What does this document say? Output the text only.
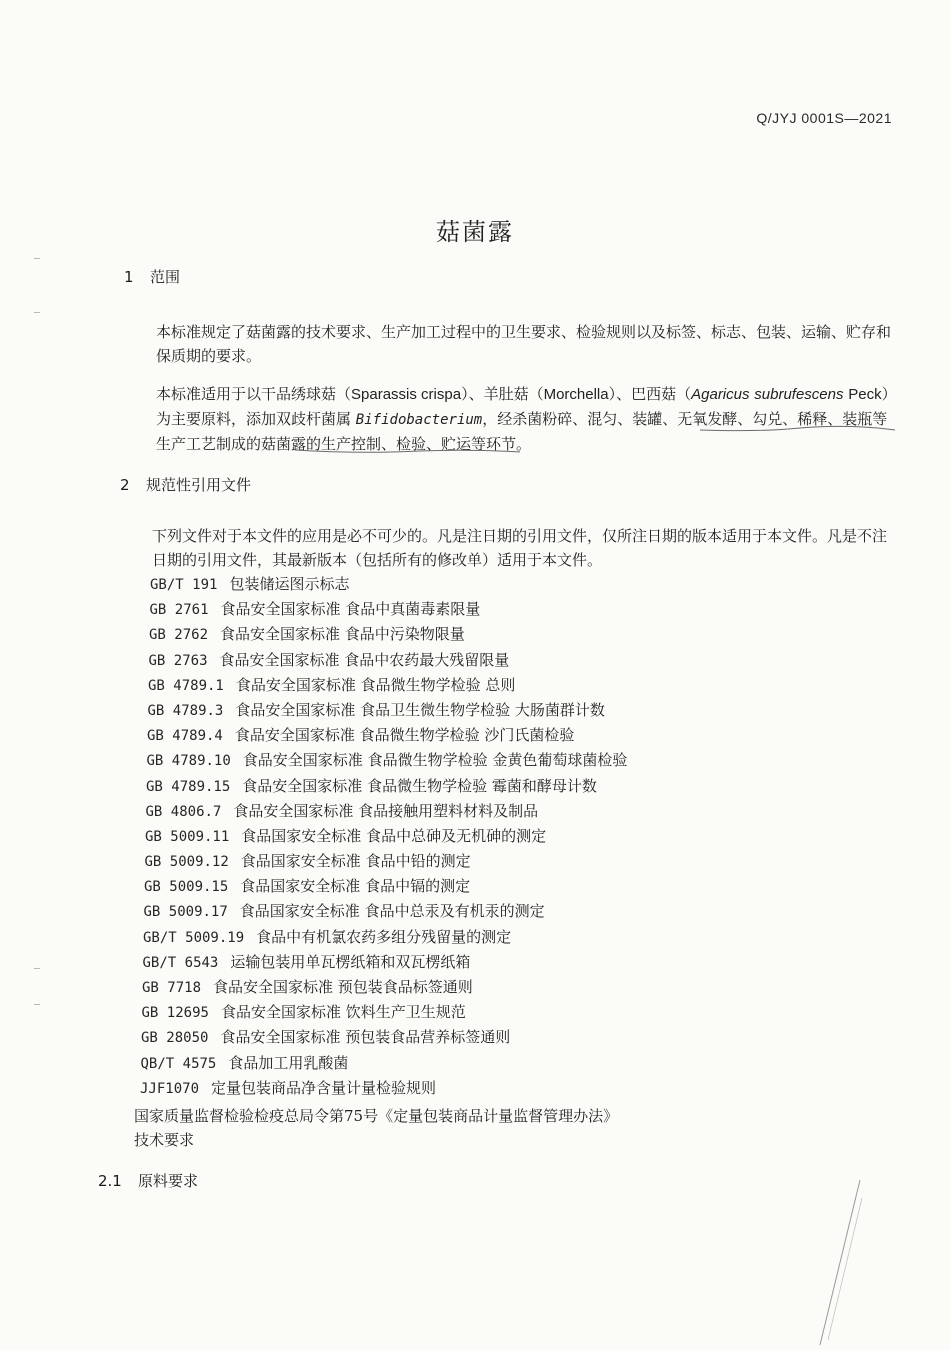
Q/JYJ 0001S—2021
菇菌露
1 范围
本标准规定了菇菌露的技术要求、生产加工过程中的卫生要求、检验规则以及标签、标志、包装、运输、贮存和保质期的要求。
本标准适用于以干品绣球菇（Sparassis crispa）、羊肚菇（Morchella）、巴西菇（Agaricus subrufescens Peck）为主要原料，添加双歧杆菌属 Bifidobacterium，经杀菌粉碎、混匀、装罐、无氧发酵、勾兑、稀释、装瓶等生产工艺制成的菇菌露的生产控制、检验、贮运等环节。
2 规范性引用文件
下列文件对于本文件的应用是必不可少的。凡是注日期的引用文件，仅所注日期的版本适用于本文件。凡是不注日期的引用文件，其最新版本（包括所有的修改单）适用于本文件。
GB/T 191 包装储运图示标志
GB 2761 食品安全国家标准 食品中真菌毒素限量
GB 2762 食品安全国家标准 食品中污染物限量
GB 2763 食品安全国家标准 食品中农药最大残留限量
GB 4789.1 食品安全国家标准 食品微生物学检验 总则
GB 4789.3 食品安全国家标准 食品卫生微生物学检验 大肠菌群计数
GB 4789.4 食品安全国家标准 食品微生物学检验 沙门氏菌检验
GB 4789.10 食品安全国家标准 食品微生物学检验 金黄色葡萄球菌检验
GB 4789.15 食品安全国家标准 食品微生物学检验 霉菌和酵母计数
GB 4806.7 食品安全国家标准 食品接触用塑料材料及制品
GB 5009.11 食品国家安全标准 食品中总砷及无机砷的测定
GB 5009.12 食品国家安全标准 食品中铅的测定
GB 5009.15 食品国家安全标准 食品中镉的测定
GB 5009.17 食品国家安全标准 食品中总汞及有机汞的测定
GB/T 5009.19 食品中有机氯农药多组分残留量的测定
GB/T 6543 运输包装用单瓦楞纸箱和双瓦楞纸箱
GB 7718 食品安全国家标准 预包装食品标签通则
GB 12695 食品安全国家标准 饮料生产卫生规范
GB 28050 食品安全国家标准 预包装食品营养标签通则
QB/T 4575 食品加工用乳酸菌
JJF1070 定量包装商品净含量计量检验规则
国家质量监督检验检疫总局令第75号《定量包装商品计量监督管理办法》
技术要求
2.1 原料要求
